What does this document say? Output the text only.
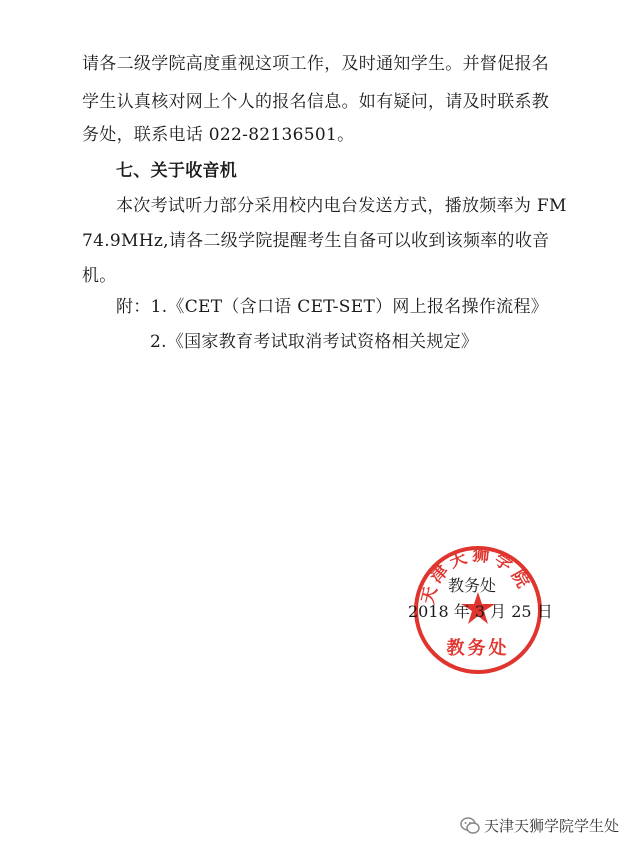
请各二级学院高度重视这项工作，及时通知学生。并督促报名
学生认真核对网上个人的报名信息。如有疑问，请及时联系教
务处，联系电话 022-82136501。
七、关于收音机
本次考试听力部分采用校内电台发送方式，播放频率为 FM
74.9MHz,请各二级学院提醒考生自备可以收到该频率的收音
机。
附：1.《CET（含口语 CET-SET）网上报名操作流程》
2.《国家教育考试取消考试资格相关规定》
天津天狮学院
教务处
教务处
2018 年 3 月 25 日
天津天狮学院学生处
